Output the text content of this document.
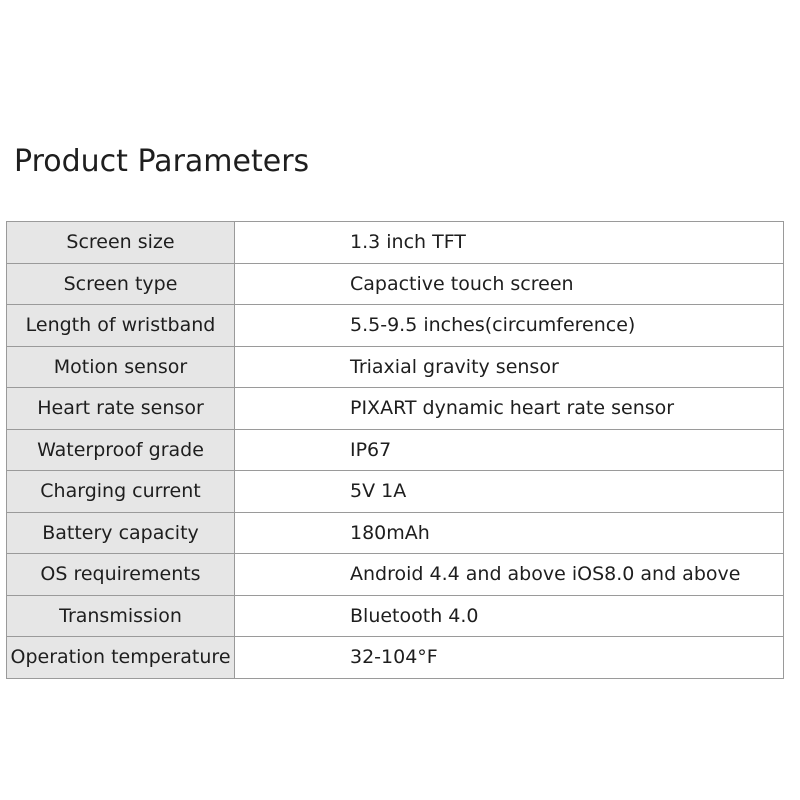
Product Parameters
Screen size	1.3 inch TFT
Screen type	Capactive touch screen
Length of wristband	5.5-9.5 inches(circumference)
Motion sensor	Triaxial gravity sensor
Heart rate sensor	PIXART dynamic heart rate sensor
Waterproof grade	IP67
Charging current	5V 1A
Battery capacity	180mAh
OS requirements	Android 4.4 and above iOS8.0 and above
Transmission	Bluetooth 4.0
Operation temperature	32-104°F
